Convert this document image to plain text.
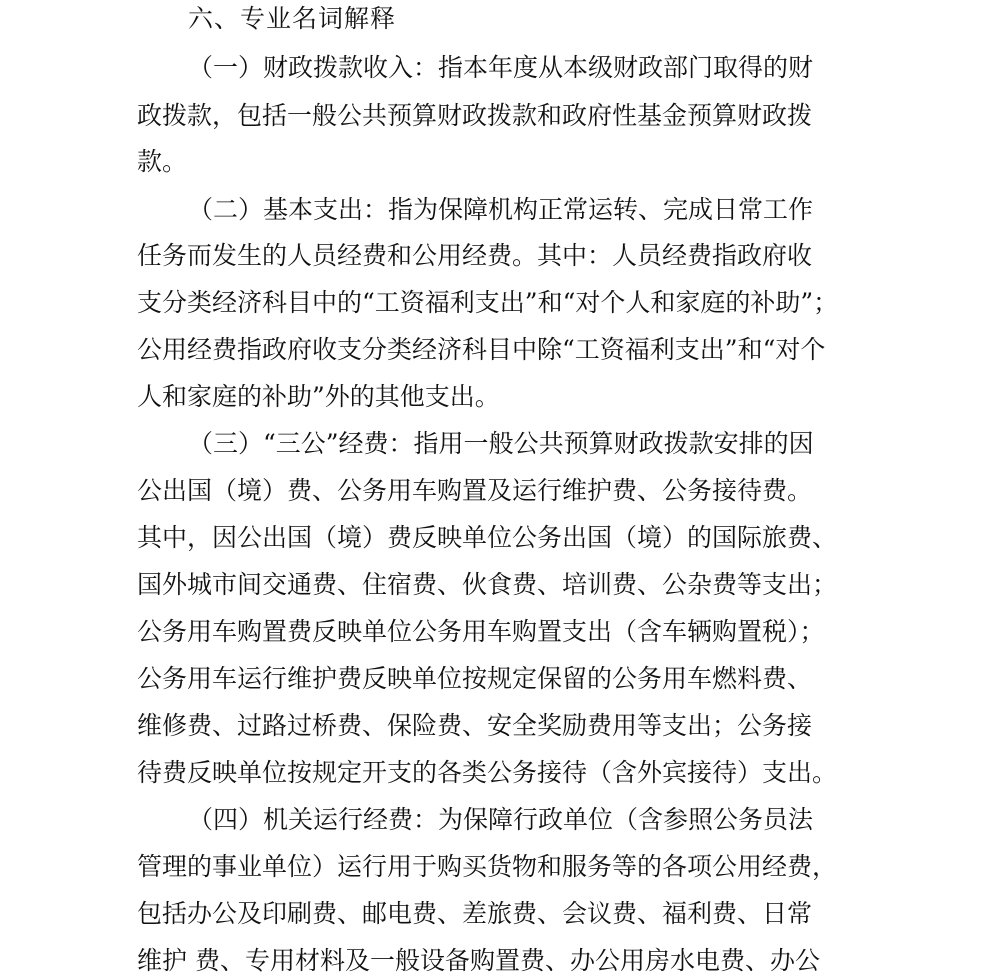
六、专业名词解释
（一）财政拨款收入：指本年度从本级财政部门取得的财
政拨款，包括一般公共预算财政拨款和政府性基金预算财政拨
款。
（二）基本支出：指为保障机构正常运转、完成日常工作
任务而发生的人员经费和公用经费。其中：人员经费指政府收
支分类经济科目中的“工资福利支出”和“对个人和家庭的补助”；
公用经费指政府收支分类经济科目中除“工资福利支出”和“对个
人和家庭的补助”外的其他支出。
（三）“三公”经费：指用一般公共预算财政拨款安排的因
公出国（境）费、公务用车购置及运行维护费、公务接待费。
其中，因公出国（境）费反映单位公务出国（境）的国际旅费、
国外城市间交通费、住宿费、伙食费、培训费、公杂费等支出；
公务用车购置费反映单位公务用车购置支出（含车辆购置税）；
公务用车运行维护费反映单位按规定保留的公务用车燃料费、
维修费、过路过桥费、保险费、安全奖励费用等支出；公务接
待费反映单位按规定开支的各类公务接待（含外宾接待）支出。
（四）机关运行经费：为保障行政单位（含参照公务员法
管理的事业单位）运行用于购买货物和服务等的各项公用经费，
包括办公及印刷费、邮电费、差旅费、会议费、福利费、日常
维护 费、专用材料及一般设备购置费、办公用房水电费、办公
